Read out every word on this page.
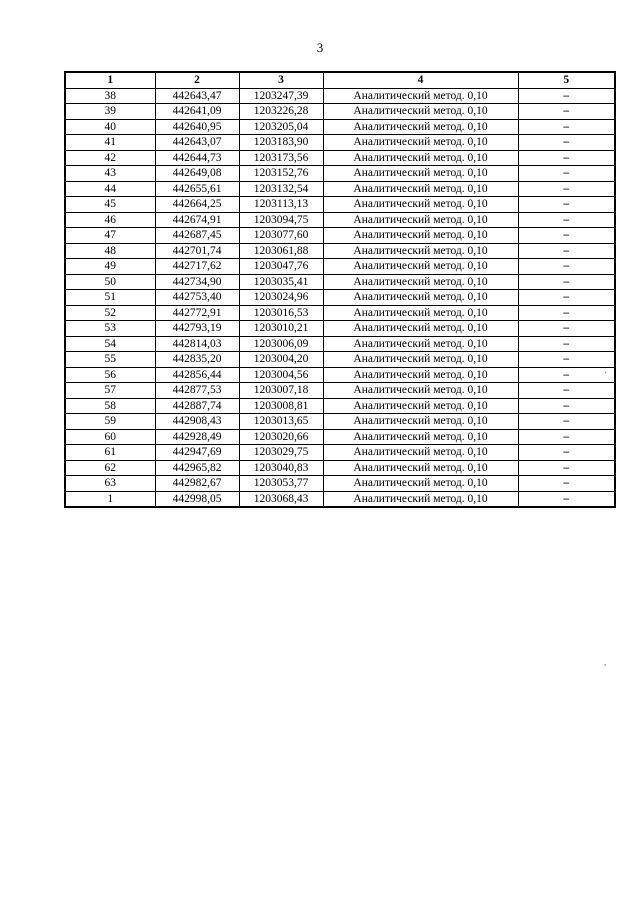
3
1	2	3	4	5
38	442643,47	1203247,39	Аналитический метод. 0,10	–
39	442641,09	1203226,28	Аналитический метод. 0,10	–
40	442640,95	1203205,04	Аналитический метод. 0,10	–
41	442643,07	1203183,90	Аналитический метод. 0,10	–
42	442644,73	1203173,56	Аналитический метод. 0,10	–
43	442649,08	1203152,76	Аналитический метод. 0,10	–
44	442655,61	1203132,54	Аналитический метод. 0,10	–
45	442664,25	1203113,13	Аналитический метод. 0,10	–
46	442674,91	1203094,75	Аналитический метод. 0,10	–
47	442687,45	1203077,60	Аналитический метод. 0,10	–
48	442701,74	1203061,88	Аналитический метод. 0,10	–
49	442717,62	1203047,76	Аналитический метод. 0,10	–
50	442734,90	1203035,41	Аналитический метод. 0,10	–
51	442753,40	1203024,96	Аналитический метод. 0,10	–
52	442772,91	1203016,53	Аналитический метод. 0,10	–
53	442793,19	1203010,21	Аналитический метод. 0,10	–
54	442814,03	1203006,09	Аналитический метод. 0,10	–
55	442835,20	1203004,20	Аналитический метод. 0,10	–
56	442856,44	1203004,56	Аналитический метод. 0,10	–
57	442877,53	1203007,18	Аналитический метод. 0,10	–
58	442887,74	1203008,81	Аналитический метод. 0,10	–
59	442908,43	1203013,65	Аналитический метод. 0,10	–
60	442928,49	1203020,66	Аналитический метод. 0,10	–
61	442947,69	1203029,75	Аналитический метод. 0,10	–
62	442965,82	1203040,83	Аналитический метод. 0,10	–
63	442982,67	1203053,77	Аналитический метод. 0,10	–
1	442998,05	1203068,43	Аналитический метод. 0,10	–
’
,
